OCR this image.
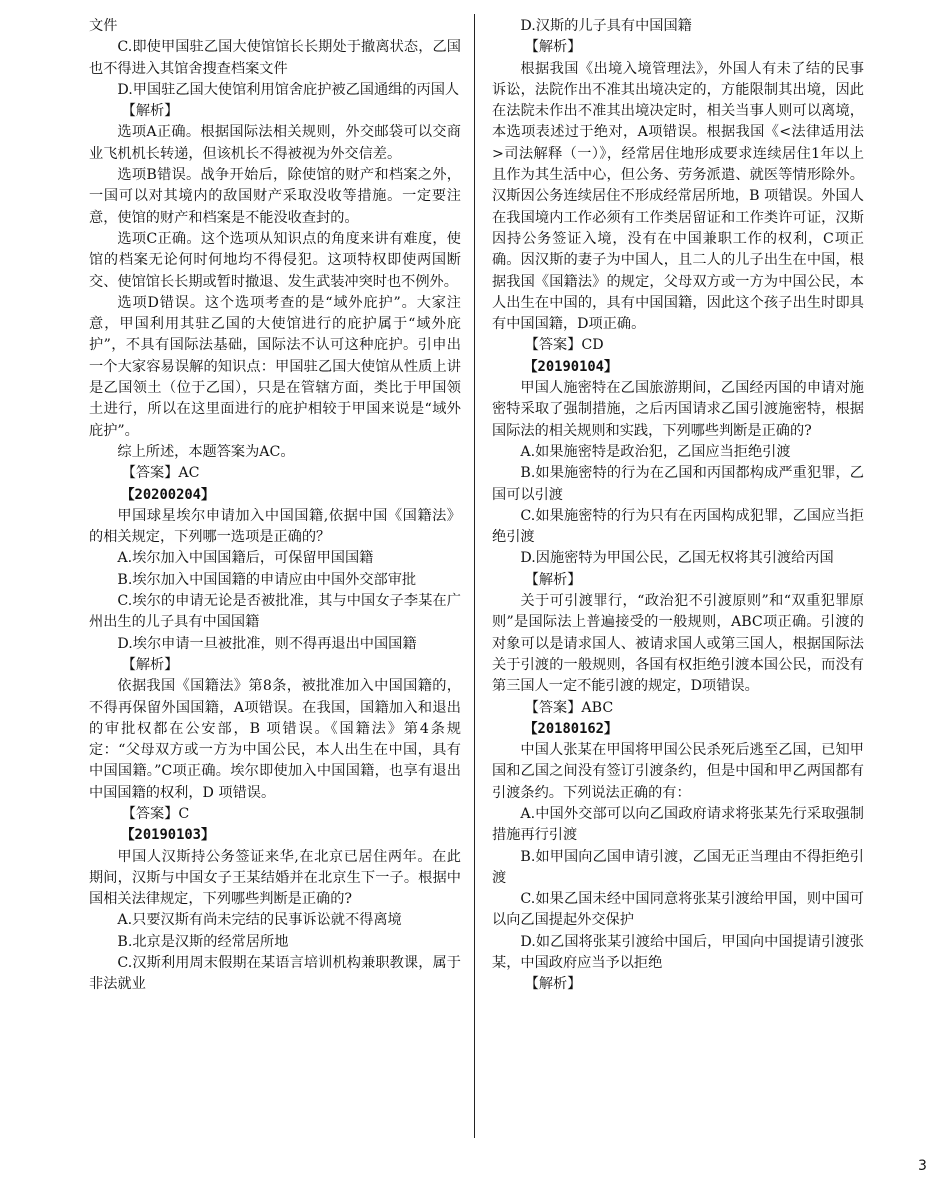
文件

C.即使甲国驻乙国大使馆馆长长期处于撤离状态，乙国也不得进入其馆舍搜查档案文件

D.甲国驻乙国大使馆利用馆舍庇护被乙国通缉的丙国人

【解析】

选项A正确。根据国际法相关规则，外交邮袋可以交商业飞机机长转递，但该机长不得被视为外交信差。

选项B错误。战争开始后，除使馆的财产和档案之外，一国可以对其境内的敌国财产采取没收等措施。一定要注意，使馆的财产和档案是不能没收查封的。

选项C正确。这个选项从知识点的角度来讲有难度，使馆的档案无论何时何地均不得侵犯。这项特权即使两国断交、使馆馆长长期或暂时撤退、发生武装冲突时也不例外。

选项D错误。这个选项考查的是“域外庇护”。大家注意，甲国利用其驻乙国的大使馆进行的庇护属于“域外庇护”，不具有国际法基础，国际法不认可这种庇护。引申出一个大家容易误解的知识点：甲国驻乙国大使馆从性质上讲是乙国领土（位于乙国），只是在管辖方面，类比于甲国领土进行，所以在这里面进行的庇护相较于甲国来说是“域外庇护”。

综上所述，本题答案为AC。

【答案】AC

【20200204】

甲国球星埃尔申请加入中国国籍,依据中国《国籍法》的相关规定，下列哪一选项是正确的？

A.埃尔加入中国国籍后，可保留甲国国籍

B.埃尔加入中国国籍的申请应由中国外交部审批

C.埃尔的申请无论是否被批准，其与中国女子李某在广州出生的儿子具有中国国籍

D.埃尔申请一旦被批准，则不得再退出中国国籍

【解析】

依据我国《国籍法》第8条，被批准加入中国国籍的，不得再保留外国国籍，A项错误。在我国，国籍加入和退出的审批权都在公安部，B 项错误。《国籍法》第4条规定：“父母双方或一方为中国公民，本人出生在中国，具有中国国籍。”C项正确。埃尔即使加入中国国籍，也享有退出中国国籍的权利，D 项错误。

【答案】C

【20190103】

甲国人汉斯持公务签证来华,在北京已居住两年。在此期间，汉斯与中国女子王某结婚并在北京生下一子。根据中国相关法律规定，下列哪些判断是正确的?

A.只要汉斯有尚未完结的民事诉讼就不得离境

B.北京是汉斯的经常居所地

C.汉斯利用周末假期在某语言培训机构兼职教课，属于非法就业

D.汉斯的儿子具有中国国籍

【解析】

根据我国《出境入境管理法》，外国人有未了结的民事诉讼，法院作出不准其出境决定的，方能限制其出境，因此在法院未作出不准其出境决定时，相关当事人则可以离境，本选项表述过于绝对，A项错误。根据我国《<法律适用法>司法解释（一）》，经常居住地形成要求连续居住1年以上且作为其生活中心，但公务、劳务派遣、就医等情形除外。汉斯因公务连续居住不形成经常居所地，B 项错误。外国人在我国境内工作必须有工作类居留证和工作类许可证，汉斯因持公务签证入境，没有在中国兼职工作的权利，C项正确。因汉斯的妻子为中国人，且二人的儿子出生在中国，根据我国《国籍法》的规定，父母双方或一方为中国公民，本人出生在中国的，具有中国国籍，因此这个孩子出生时即具有中国国籍，D项正确。

【答案】CD

【20190104】

甲国人施密特在乙国旅游期间，乙国经丙国的申请对施密特采取了强制措施，之后丙国请求乙国引渡施密特，根据国际法的相关规则和实践，下列哪些判断是正确的?

A.如果施密特是政治犯，乙国应当拒绝引渡

B.如果施密特的行为在乙国和丙国都构成严重犯罪，乙国可以引渡

C.如果施密特的行为只有在丙国构成犯罪，乙国应当拒绝引渡

D.因施密特为甲国公民，乙国无权将其引渡给丙国

【解析】

关于可引渡罪行，“政治犯不引渡原则”和“双重犯罪原则”是国际法上普遍接受的一般规则，ABC项正确。引渡的对象可以是请求国人、被请求国人或第三国人，根据国际法关于引渡的一般规则，各国有权拒绝引渡本国公民，而没有第三国人一定不能引渡的规定，D项错误。

【答案】ABC

【20180162】

中国人张某在甲国将甲国公民杀死后逃至乙国，已知甲国和乙国之间没有签订引渡条约，但是中国和甲乙两国都有引渡条约。下列说法正确的有：

A.中国外交部可以向乙国政府请求将张某先行采取强制措施再行引渡

B.如甲国向乙国申请引渡，乙国无正当理由不得拒绝引渡

C.如果乙国未经中国同意将张某引渡给甲国，则中国可以向乙国提起外交保护

D.如乙国将张某引渡给中国后，甲国向中国提请引渡张某，中国政府应当予以拒绝

【解析】

3
